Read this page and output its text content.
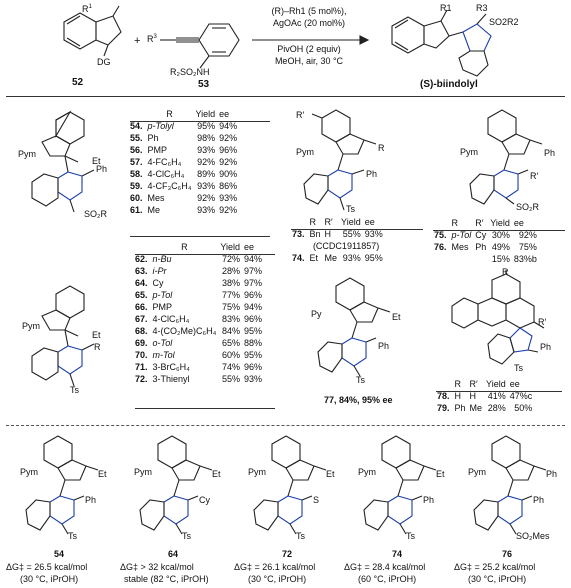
$R^1$
DG
52
+ $R^3$
R₂SO₂NH
53
(R)–Rh1 (5 mol%),
AgOAc (20 mol%)
PivOH (2 equiv)
MeOH, air, 30 °C
R1	R3
SO2R2
(S)-biindolyl
Pym
Et
Ph
SO₂R
	R	Yield	ee
54.	p-Tolyl	95%	94%
55.	Ph	98%	92%
56.	PMP	93%	96%
57.	4-FC₆H₄	92%	92%
58.	4-ClC₆H₄	89%	90%
59.	4-CF₃C₆H₄	93%	86%
60.	Mes	92%	93%
61.	Me	93%	92%
Pym
Et
R
Ts
	R	Yield	ee
62.	n-Bu	72%	94%
63.	i-Pr	28%	97%
64.	Cy	38%	97%
65.	p-Tol	77%	96%
66.	PMP	75%	94%
67.	4-ClC₆H₄	83%	96%
68.	4-(CO₂Me)C₆H₄	84%	95%
69.	o-Tol	65%	88%
70.	m-Tol	60%	95%
71.	3-BrC₆H₄	74%	96%
72.	3-Thienyl	55%	93%
R′
R
Pym
Ph
Ts
	R	R′	Yield	ee
73.	Bn	H	55%	93%
	(CCDC1911857)			
74.	Et	Me	93%	95%
Pym	Ph
R′
SO₂R
	R	R′	Yield	ee
75.	p-Tol	Cy	30%	92%
76.	Mes	Ph	49%	75%
			15%	83%b
Py	Et
Ph
Ts
77, 84%, 95% ee
R
R′
Ph
Ts
	R	R′	Yield	ee
78.	H	H	41%	47%c
79.	Ph	Me	28%	50%
Pym	Et
Ph
Ts
54
ΔG‡ = 26.5 kcal/mol
(30 °C, iPrOH)
Pym	Et
Cy
Ts
64
ΔG‡ > 32 kcal/mol
stable (82 °C, iPrOH)
Pym	Et
S
Ts
72
ΔG‡ = 26.1 kcal/mol
(30 °C, iPrOH)
Pym	Et
Ph
Ts
74
ΔG‡ = 28.4 kcal/mol
(60 °C, iPrOH)
Pym	Ph
Ph
SO₂Mes
76
ΔG‡ = 25.2 kcal/mol
(30 °C, iPrOH)
